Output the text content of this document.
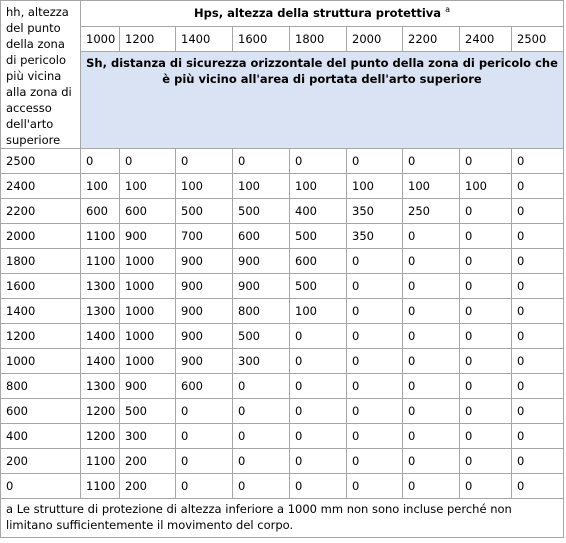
hh, altezza del punto della zona di pericolo più vicina alla zona di accesso dell'arto superiore	Hps, altezza della struttura protettiva $^a$
	1000	1200	1400	1600	1800	2000	2200	2400	2500
	Sh, distanza di sicurezza orizzontale del punto della zona di pericolo che è più vicino all'area di portata dell'arto superiore								
2500	0	0	0	0	0	0	0	0	0
2400	100	100	100	100	100	100	100	100	0
2200	600	600	500	500	400	350	250	0	0
2000	1100	900	700	600	500	350	0	0	0
1800	1100	1000	900	900	600	0	0	0	0
1600	1300	1000	900	900	500	0	0	0	0
1400	1300	1000	900	800	100	0	0	0	0
1200	1400	1000	900	500	0	0	0	0	0
1000	1400	1000	900	300	0	0	0	0	0
800	1300	900	600	0	0	0	0	0	0
600	1200	500	0	0	0	0	0	0	0
400	1200	300	0	0	0	0	0	0	0
200	1100	200	0	0	0	0	0	0	0
0	1100	200	0	0	0	0	0	0	0
a Le strutture di protezione di altezza inferiore a 1000 mm non sono incluse perché non limitano sufficientemente il movimento del corpo.									
